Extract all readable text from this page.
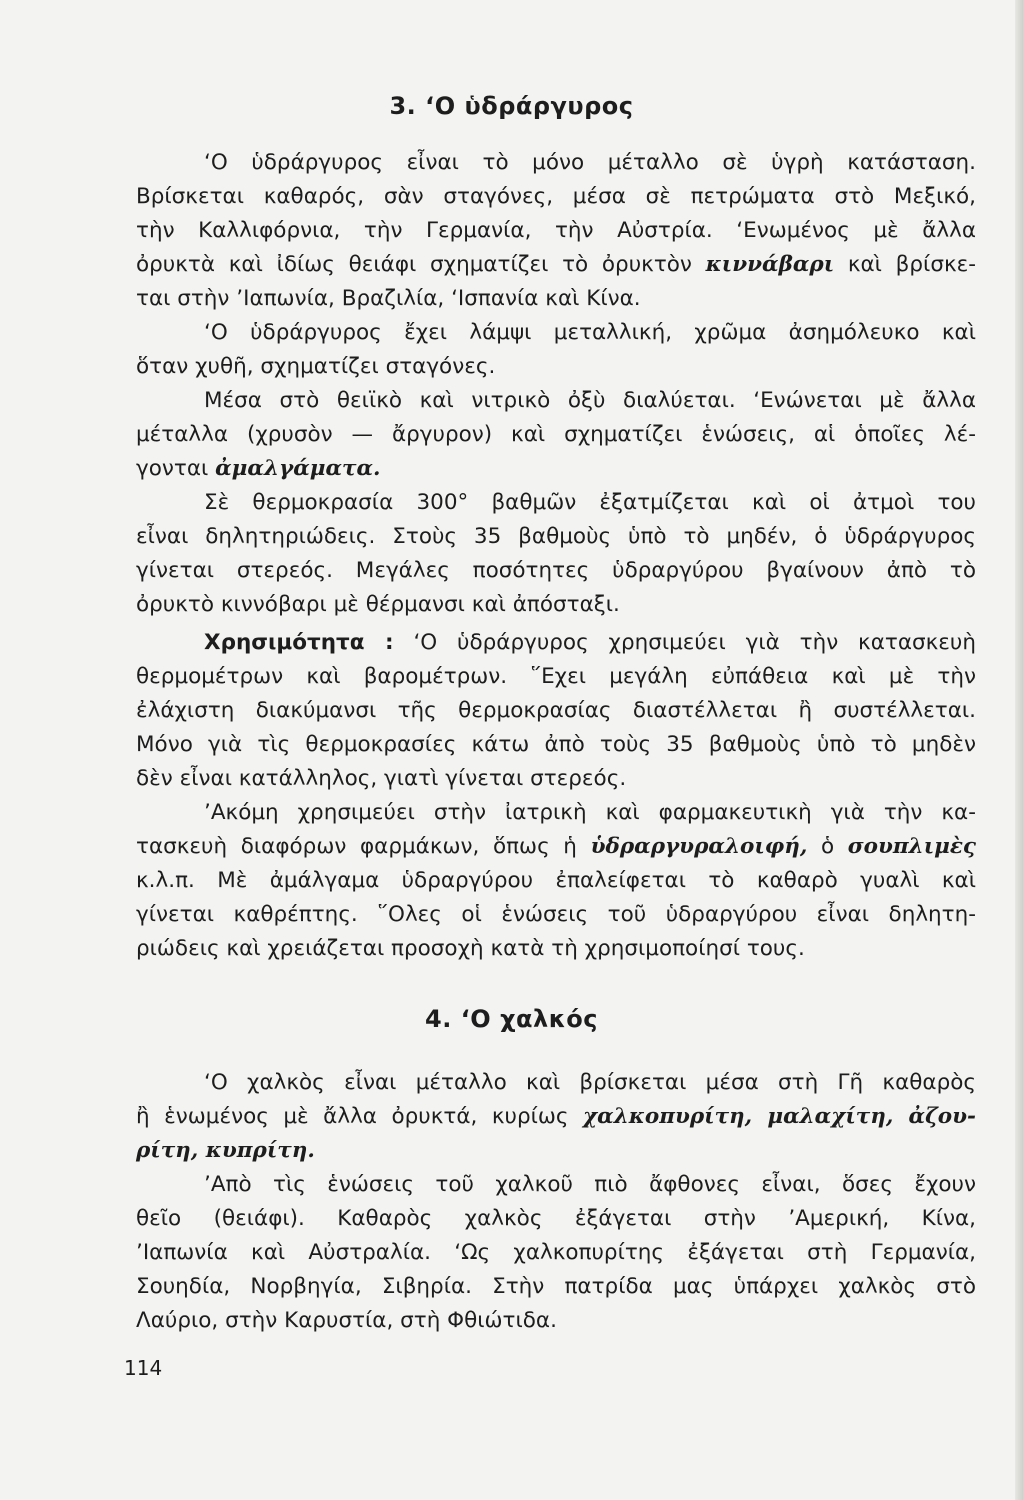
3. ‘Ο ὑδράργυρος
‘Ο ὑδράργυρος εἶναι τὸ μόνο μέταλλο σὲ ὑγρὴ κατάσταση.
Βρίσκεται καθαρός, σὰν σταγόνες, μέσα σὲ πετρώματα στὸ Μεξικό,
τὴν Καλλιφόρνια, τὴν Γερμανία, τὴν Αὐστρία. ‘Ενωμένος μὲ ἄλλα
ὀρυκτὰ καὶ ἰδίως θειάφι σχηματίζει τὸ ὀρυκτὸν κιννάβαρι καὶ βρίσκε-
ται στὴν ’Ιαπωνία, Βραζιλία, ‘Ισπανία καὶ Κίνα.
‘Ο ὑδράργυρος ἔχει λάμψι μεταλλική, χρῶμα ἀσημόλευκο καὶ
ὅταν χυθῆ, σχηματίζει σταγόνες.
Μέσα στὸ θειϊκὸ καὶ νιτρικὸ ὀξὺ διαλύεται. ‘Ενώνεται μὲ ἄλλα
μέταλλα (χρυσὸν — ἄργυρον) καὶ σχηματίζει ἑνώσεις, αἱ ὁποῖες λέ-
γονται ἀμαλγάματα.
Σὲ θερμοκρασία 300° βαθμῶν ἐξατμίζεται καὶ οἱ ἀτμοὶ του
εἶναι δηλητηριώδεις. Στοὺς 35 βαθμοὺς ὑπὸ τὸ μηδέν, ὁ ὑδράργυρος
γίνεται στερεός. Μεγάλες ποσότητες ὑδραργύρου βγαίνουν ἀπὸ τὸ
ὀρυκτὸ κιννόβαρι μὲ θέρμανσι καὶ ἀπόσταξι.
Χρησιμότητα : ‘Ο ὑδράργυρος χρησιμεύει γιὰ τὴν κατασκευὴ
θερμομέτρων καὶ βαρομέτρων. ῞Εχει μεγάλη εὐπάθεια καὶ μὲ τὴν
ἐλάχιστη διακύμανσι τῆς θερμοκρασίας διαστέλλεται ἢ συστέλλεται.
Μόνο γιὰ τὶς θερμοκρασίες κάτω ἀπὸ τοὺς 35 βαθμοὺς ὑπὸ τὸ μηδὲν
δὲν εἶναι κατάλληλος, γιατὶ γίνεται στερεός.
’Ακόμη χρησιμεύει στὴν ἰατρικὴ καὶ φαρμακευτικὴ γιὰ τὴν κα-
τασκευὴ διαφόρων φαρμάκων, ὅπως ἡ ὑδραργυραλοιφή, ὁ σουπλιμὲς
κ.λ.π. Μὲ ἀμάλγαμα ὑδραργύρου ἐπαλείφεται τὸ καθαρὸ γυαλὶ καὶ
γίνεται καθρέπτης. ῞Ολες οἱ ἑνώσεις τοῦ ὑδραργύρου εἶναι δηλητη-
ριώδεις καὶ χρειάζεται προσοχὴ κατὰ τὴ χρησιμοποίησί τους.
4. ‘Ο χαλκός
‘Ο χαλκὸς εἶναι μέταλλο καὶ βρίσκεται μέσα στὴ Γῆ καθαρὸς
ἢ ἑνωμένος μὲ ἄλλα ὀρυκτά, κυρίως χαλκοπυρίτη, μαλαχίτη, ἀζου-
ρίτη, κυπρίτη.
’Απὸ τὶς ἑνώσεις τοῦ χαλκοῦ πιὸ ἄφθονες εἶναι, ὅσες ἔχουν
θεῖο (θειάφι). Καθαρὸς χαλκὸς ἐξάγεται στὴν ’Αμερική, Κίνα,
’Ιαπωνία καὶ Αὐστραλία. ‘Ως χαλκοπυρίτης ἐξάγεται στὴ Γερμανία,
Σουηδία, Νορβηγία, Σιβηρία. Στὴν πατρίδα μας ὑπάρχει χαλκὸς στὸ
Λαύριο, στὴν Καρυστία, στὴ Φθιώτιδα.
114
